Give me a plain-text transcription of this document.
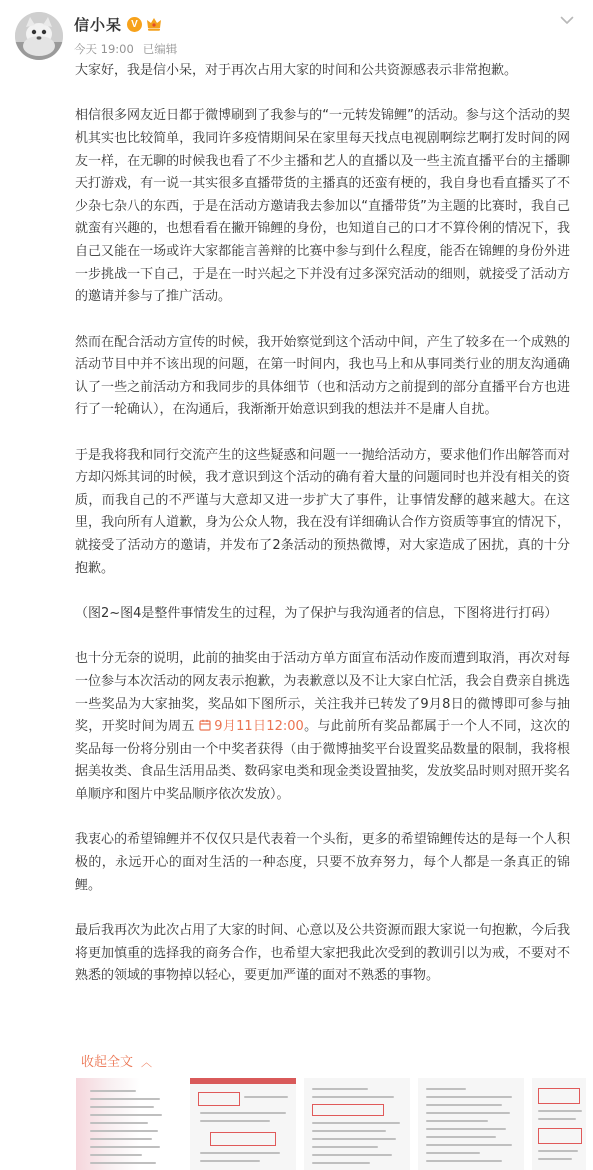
信小呆 V
今天 19:00 已编辑

大家好，我是信小呆，对于再次占用大家的时间和公共资源感表示非常抱歉。

相信很多网友近日都于微博刷到了我参与的“一元转发锦鲤”的活动。参与这个活动的契机其实也比较简单，我同许多疫情期间呆在家里每天找点电视剧啊综艺啊打发时间的网友一样，在无聊的时候我也看了不少主播和艺人的直播以及一些主流直播平台的主播聊天打游戏，有一说一其实很多直播带货的主播真的还蛮有梗的，我自身也看直播买了不少杂七杂八的东西，于是在活动方邀请我去参加以“直播带货”为主题的比赛时，我自己就蛮有兴趣的，也想看看在撇开锦鲤的身份，也知道自己的口才不算伶俐的情况下，我自己又能在一场或许大家都能言善辩的比赛中参与到什么程度，能否在锦鲤的身份外进一步挑战一下自己，于是在一时兴起之下并没有过多深究活动的细则，就接受了活动方的邀请并参与了推广活动。

然而在配合活动方宣传的时候，我开始察觉到这个活动中间，产生了较多在一个成熟的活动节目中并不该出现的问题，在第一时间内，我也马上和从事同类行业的朋友沟通确认了一些之前活动方和我同步的具体细节（也和活动方之前提到的部分直播平台方也进行了一轮确认），在沟通后，我渐渐开始意识到我的想法并不是庸人自扰。

于是我将我和同行交流产生的这些疑惑和问题一一抛给活动方，要求他们作出解答而对方却闪烁其词的时候，我才意识到这个活动的确有着大量的问题同时也并没有相关的资质，而我自己的不严谨与大意却又进一步扩大了事件，让事情发酵的越来越大。在这里，我向所有人道歉，身为公众人物，我在没有详细确认合作方资质等事宜的情况下，就接受了活动方的邀请，并发布了2条活动的预热微博，对大家造成了困扰，真的十分抱歉。

（图2~图4是整件事情发生的过程，为了保护与我沟通者的信息，下图将进行打码）

也十分无奈的说明，此前的抽奖由于活动方单方面宣布活动作废而遭到取消，再次对每一位参与本次活动的网友表示抱歉，为表歉意以及不让大家白忙活，我会自费亲自挑选一些奖品为大家抽奖，奖品如下图所示，关注我并已转发了9月8日的微博即可参与抽奖，开奖时间为周五 9月11日12:00。与此前所有奖品都属于一个人不同，这次的奖品每一份将分别由一个中奖者获得（由于微博抽奖平台设置奖品数量的限制，我将根据美妆类、食品生活用品类、数码家电类和现金类设置抽奖，发放奖品时则对照开奖名单顺序和图片中奖品顺序依次发放）。

我衷心的希望锦鲤并不仅仅只是代表着一个头衔，更多的希望锦鲤传达的是每一个人积极的，永远开心的面对生活的一种态度，只要不放弃努力，每个人都是一条真正的锦鲤。

最后我再次为此次占用了大家的时间、心意以及公共资源而跟大家说一句抱歉，今后我将更加慎重的选择我的商务合作，也希望大家把我此次受到的教训引以为戒，不要对不熟悉的领域的事物掉以轻心，要更加严谨的面对不熟悉的事物。

收起全文 ︿
